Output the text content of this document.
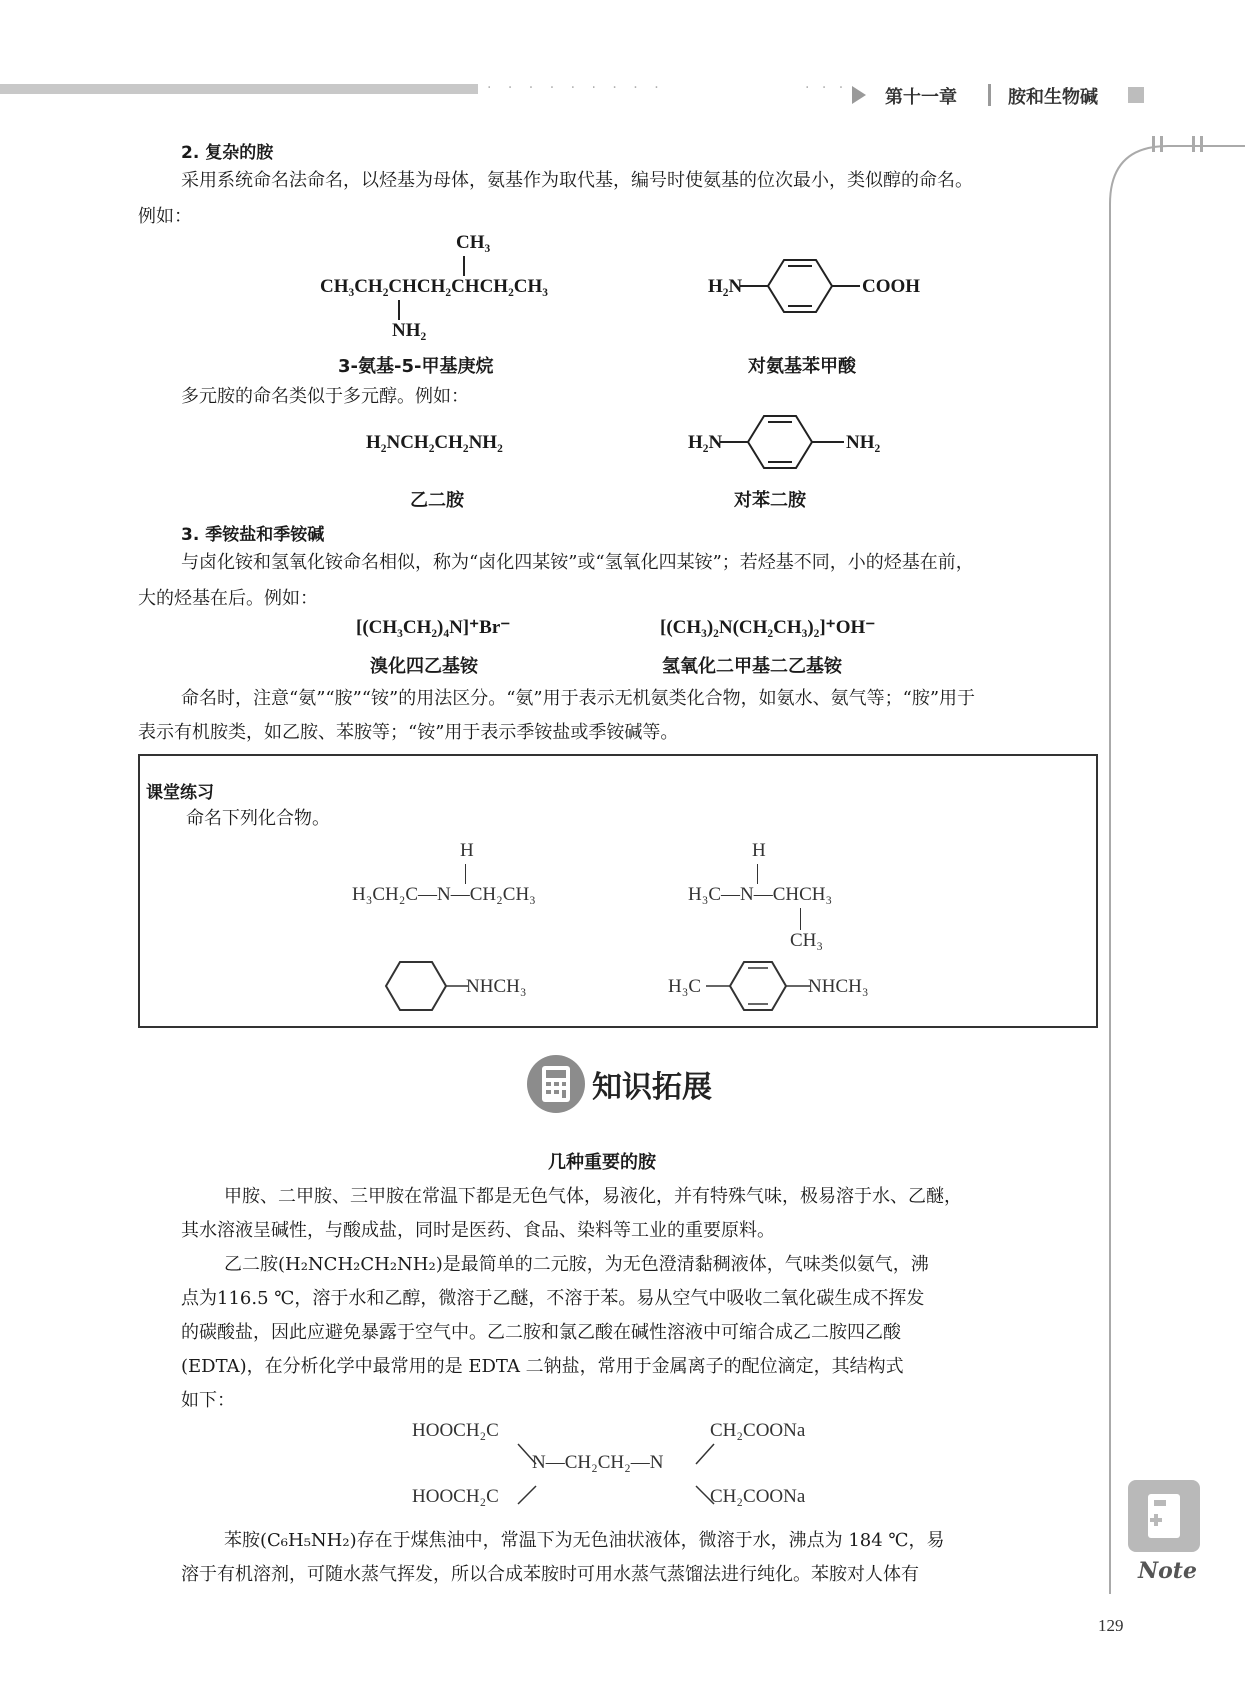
· · · · · · · · ·	· · · 第十一章	胺和生物碱
2. 复杂的胺
采用系统命名法命名，以烃基为母体，氨基作为取代基，编号时使氨基的位次最小，类似醇的命名。
例如：
CH₃
CH₃CH₂CHCH₂CHCH₂CH₃
NH₂
3-氨基-5-甲基庚烷
H₂N	COOH
对氨基苯甲酸
多元胺的命名类似于多元醇。例如：
H₂NCH₂CH₂NH₂
乙二胺
H₂N	NH₂
对苯二胺
3. 季铵盐和季铵碱
与卤化铵和氢氧化铵命名相似，称为“卤化四某铵”或“氢氧化四某铵”；若烃基不同，小的烃基在前，
大的烃基在后。例如：
[(CH₃CH₂)₄N]⁺Br⁻
溴化四乙基铵
[(CH₃)₂N(CH₂CH₃)₂]⁺OH⁻
氢氧化二甲基二乙基铵
命名时，注意“氨”“胺”“铵”的用法区分。“氨”用于表示无机氨类化合物，如氨水、氨气等；“胺”用于
表示有机胺类，如乙胺、苯胺等；“铵”用于表示季铵盐或季铵碱等。
课堂练习
命名下列化合物。
H
H₃CH₂C—N—CH₂CH₃
H
H₃C—N—CHCH₃
CH₃
NHCH₃	H₃C	NHCH₃
知识拓展
几种重要的胺
甲胺、二甲胺、三甲胺在常温下都是无色气体，易液化，并有特殊气味，极易溶于水、乙醚，
其水溶液呈碱性，与酸成盐，同时是医药、食品、染料等工业的重要原料。
乙二胺(H₂NCH₂CH₂NH₂)是最简单的二元胺，为无色澄清黏稠液体，气味类似氨气，沸
点为116.5 ℃，溶于水和乙醇，微溶于乙醚，不溶于苯。易从空气中吸收二氧化碳生成不挥发
的碳酸盐，因此应避免暴露于空气中。乙二胺和氯乙酸在碱性溶液中可缩合成乙二胺四乙酸
(EDTA)，在分析化学中最常用的是 EDTA 二钠盐，常用于金属离子的配位滴定，其结构式
如下：
HOOCH₂C	CH₂COONa
N—CH₂CH₂—N
HOOCH₂C	CH₂COONa
苯胺(C₆H₅NH₂)存在于煤焦油中，常温下为无色油状液体，微溶于水，沸点为 184 ℃，易
溶于有机溶剂，可随水蒸气挥发，所以合成苯胺时可用水蒸气蒸馏法进行纯化。苯胺对人体有	Note
129
